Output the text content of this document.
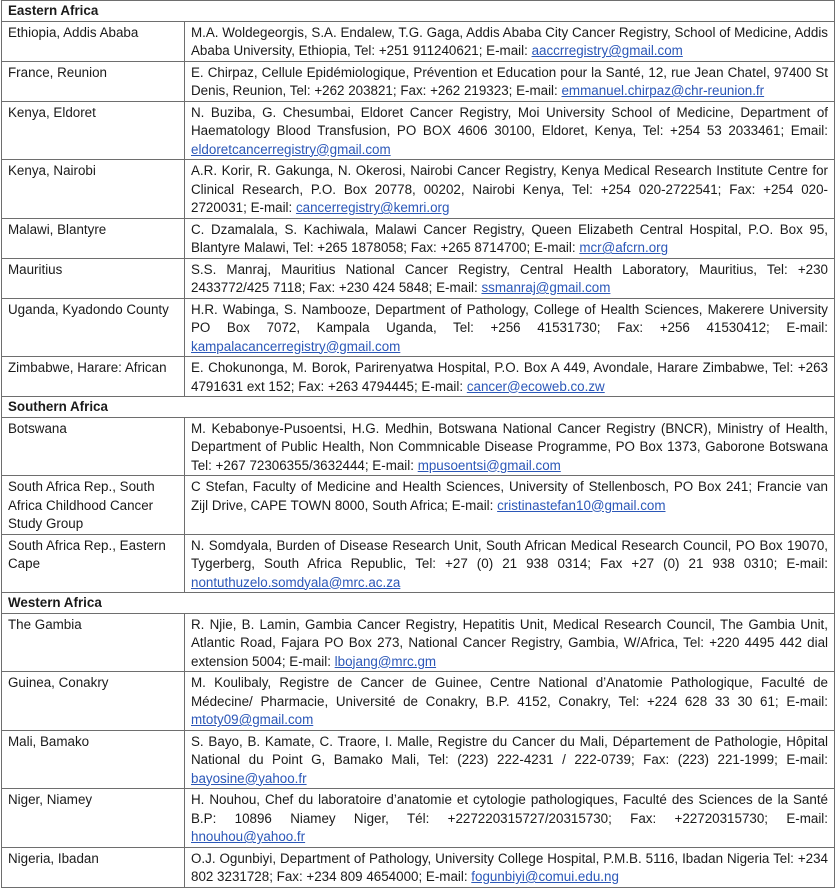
Eastern Africa	
Ethiopia, Addis Ababa	M.A. Woldegeorgis, S.A. Endalew, T.G. Gaga, Addis Ababa City Cancer Registry, School of Medicine, Addis Ababa University, Ethiopia, Tel: +251 911240621; E-mail: aaccrregistry@gmail.com
France, Reunion	E. Chirpaz, Cellule Epidémiologique, Prévention et Education pour la Santé, 12, rue Jean Chatel, 97400 St Denis, Reunion, Tel: +262 203821; Fax: +262 219323; E-mail: emmanuel.chirpaz@chr-reunion.fr
Kenya, Eldoret	N. Buziba, G. Chesumbai, Eldoret Cancer Registry, Moi University School of Medicine, Department of Haematology Blood Transfusion, PO BOX 4606 30100, Eldoret, Kenya, Tel: +254 53 2033461; Email: eldoretcancerregistry@gmail.com
Kenya, Nairobi	A.R. Korir, R. Gakunga, N. Okerosi, Nairobi Cancer Registry, Kenya Medical Research Institute Centre for Clinical Research, P.O. Box 20778, 00202, Nairobi Kenya, Tel: +254 020-2722541; Fax: +254 020-2720031; E-mail: cancerregistry@kemri.org
Malawi, Blantyre	C. Dzamalala, S. Kachiwala, Malawi Cancer Registry, Queen Elizabeth Central Hospital, P.O. Box 95, Blantyre Malawi, Tel: +265 1878058; Fax: +265 8714700; E-mail: mcr@afcrn.org
Mauritius	S.S. Manraj, Mauritius National Cancer Registry, Central Health Laboratory, Mauritius, Tel: +230 2433772/425 7118; Fax: +230 424 5848; E-mail: ssmanraj@gmail.com
Uganda, Kyadondo County	H.R. Wabinga, S. Nambooze, Department of Pathology, College of Health Sciences, Makerere University PO Box 7072, Kampala Uganda, Tel: +256 41531730; Fax: +256 41530412; E-mail: kampalacancerregistry@gmail.com
Zimbabwe, Harare: African	E. Chokunonga, M. Borok, Parirenyatwa Hospital, P.O. Box A 449, Avondale, Harare Zimbabwe, Tel: +263 4791631 ext 152; Fax: +263 4794445; E-mail: cancer@ecoweb.co.zw
Southern Africa	
Botswana	M. Kebabonye-Pusoentsi, H.G. Medhin, Botswana National Cancer Registry (BNCR), Ministry of Health, Department of Public Health, Non Commnicable Disease Programme, PO Box 1373, Gaborone Botswana Tel: +267 72306355/3632444; E-mail: mpusoentsi@gmail.com
South Africa Rep., South Africa Childhood Cancer Study Group	C Stefan, Faculty of Medicine and Health Sciences, University of Stellenbosch, PO Box 241; Francie van Zijl Drive, CAPE TOWN 8000, South Africa; E-mail: cristinastefan10@gmail.com
South Africa Rep., Eastern Cape	N. Somdyala, Burden of Disease Research Unit, South African Medical Research Council, PO Box 19070, Tygerberg, South Africa Republic, Tel: +27 (0) 21 938 0314; Fax +27 (0) 21 938 0310; E-mail: nontuthuzelo.somdyala@mrc.ac.za
Western Africa	
The Gambia	R. Njie, B. Lamin, Gambia Cancer Registry, Hepatitis Unit, Medical Research Council, The Gambia Unit, Atlantic Road, Fajara PO Box 273, National Cancer Registry, Gambia, W/Africa, Tel: +220 4495 442 dial extension 5004; E-mail: lbojang@mrc.gm
Guinea, Conakry	M. Koulibaly, Registre de Cancer de Guinee, Centre National d’Anatomie Pathologique, Faculté de Médecine/ Pharmacie, Université de Conakry, B.P. 4152, Conakry, Tel: +224 628 33 30 61; E-mail: mtoty09@gmail.com
Mali, Bamako	S. Bayo, B. Kamate, C. Traore, I. Malle, Registre du Cancer du Mali, Département de Pathologie, Hôpital National du Point G, Bamako Mali, Tel: (223) 222-4231 / 222-0739; Fax: (223) 221-1999; E-mail: bayosine@yahoo.fr
Niger, Niamey	H. Nouhou, Chef du laboratoire d’anatomie et cytologie pathologiques, Faculté des Sciences de la Santé B.P: 10896 Niamey Niger, Tél: +227220315727/20315730; Fax: +22720315730; E-mail: hnouhou@yahoo.fr
Nigeria, Ibadan	O.J. Ogunbiyi, Department of Pathology, University College Hospital, P.M.B. 5116, Ibadan Nigeria Tel: +234 802 3231728; Fax: +234 809 4654000; E-mail: fogunbiyi@comui.edu.ng
